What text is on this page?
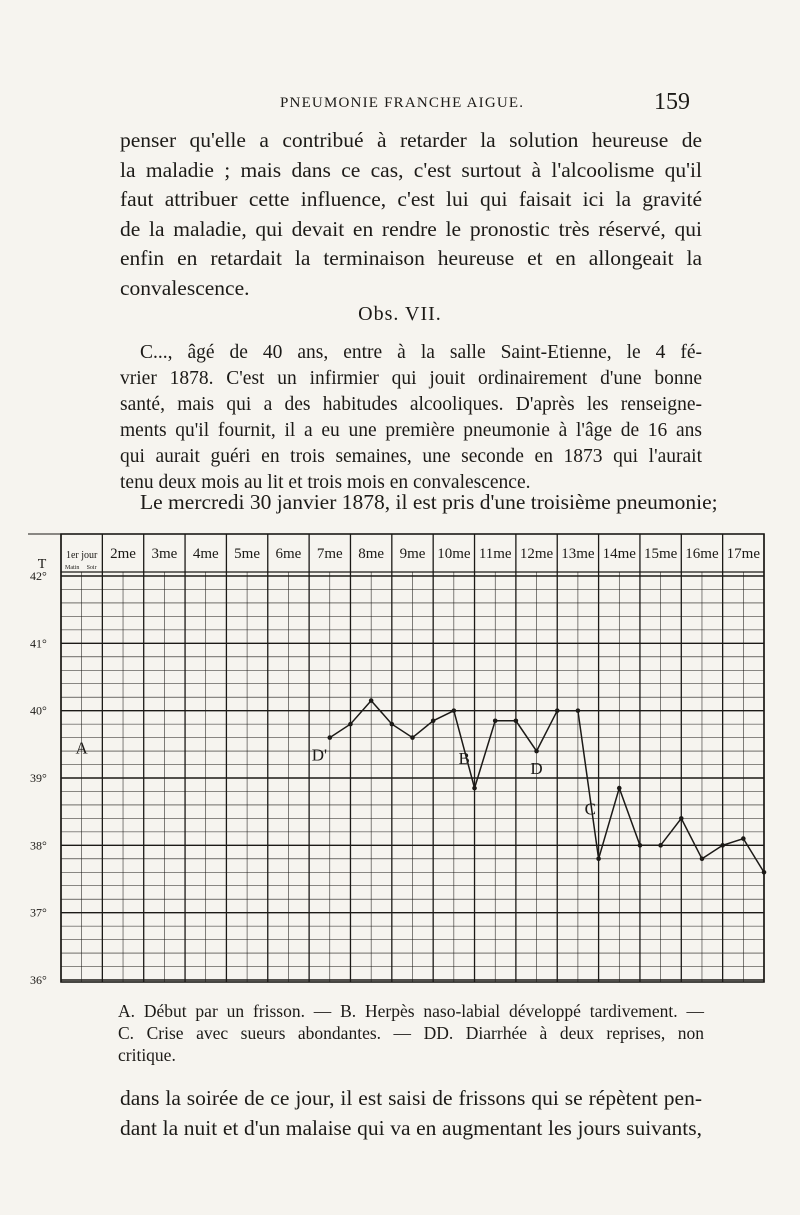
PNEUMONIE FRANCHE AIGUE.	159
penser qu'elle a contribué à retarder la solution heureuse de
la maladie ; mais dans ce cas, c'est surtout à l'alcoolisme qu'il
faut attribuer cette influence, c'est lui qui faisait ici la gravité
de la maladie, qui devait en rendre le pronostic très réservé, qui
enfin en retardait la terminaison heureuse et en allongeait la
convalescence.
Obs. VII.
C..., âgé de 40 ans, entre à la salle Saint-Etienne, le 4 fé-
vrier 1878. C'est un infirmier qui jouit ordinairement d'une bonne
santé, mais qui a des habitudes alcooliques. D'après les renseigne-
ments qu'il fournit, il a eu une première pneumonie à l'âge de 16 ans
qui aurait guéri en trois semaines, une seconde en 1873 qui l'aurait
tenu deux mois au lit et trois mois en convalescence.
Le mercredi 30 janvier 1878, il est pris d'une troisième pneumonie;
1er jour 2me 3me 4me 5me 6me 7me 8me 9me 10me 11me 12me 13me 14me 15me 16me 17me
Matin Soir
T
42°
41°
40°
39°
38°
37°
36°
A	D'	B
D
C
A. Début par un frisson. — B. Herpès naso-labial développé tardivement. —
C. Crise avec sueurs abondantes. — DD. Diarrhée à deux reprises, non
critique.
dans la soirée de ce jour, il est saisi de frissons qui se répètent pen-
dant la nuit et d'un malaise qui va en augmentant les jours suivants,
